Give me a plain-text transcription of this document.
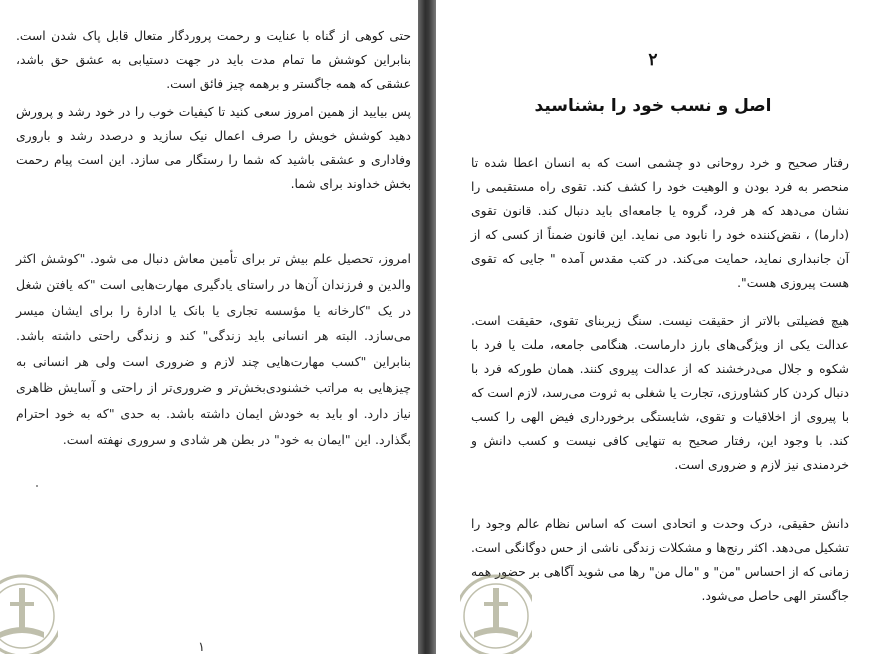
حتی کوهی از گناه با عنایت و رحمت پروردگار متعال قابل پاک شدن است. بنابراین کوشش ما تمام مدت باید در جهت دستیابی به عشق حق باشد، عشقی که همه جاگستر و برهمه چیز فائق است.
پس بیایید از همین امروز سعی کنید تا کیفیات خوب را در خود رشد و پرورش دهید کوشش خویش را صرف اعمال نیک سازید و درصدد رشد و باروری وفاداری و عشقی باشید که شما را رستگار می سازد. این است پیام رحمت بخش خداوند برای شما.
امروز، تحصیل علم بیش تر برای تأمین معاش دنبال می شود. "کوشش اکثر والدین و فرزندان آن‌ها در راستای یادگیری مهارت‌هایی است "که یافتن شغل در یک "کارخانه یا مؤسسه تجاری یا بانک یا ادارهٔ را برای ایشان میسر می‌سازد. البته هر انسانی باید زندگی" کند و زندگی راحتی داشته باشد. بنابراین "کسب مهارت‌هایی چند لازم و ضروری است ولی هر انسانی به چیزهایی به مراتب خشنودی‌بخش‌تر و ضروری‌تر از راحتی و آسایش ظاهری نیاز دارد. او باید به خودش ایمان داشته باشد. به حدی "که به خود احترام بگذارد. این "ایمان به خود" در بطن هر شادی و سروری نهفته است.
۱
۲
اصل و نسب خود را بشناسید
رفتار صحیح و خرد روحانی دو چشمی است که به انسان اعطا شده تا منحصر به فرد بودن و الوهیت خود را کشف کند. تقوی راه مستقیمی را نشان می‌دهد که هر فرد، گروه یا جامعه‌ای باید دنبال کند. قانون تقوی (دارما) ، نقض‌کننده خود را نابود می نماید. این قانون ضمناً از کسی که از آن جانبداری نماید، حمایت می‌کند. در کتب مقدس آمده " جایی که تقوی هست پیروزی هست".
هیچ فضیلتی بالاتر از حقیقت نیست. سنگ زیربنای تقوی، حقیقت است. عدالت یکی از ویژگی‌های بارز دارماست. هنگامی جامعه، ملت یا فرد با شکوه و جلال می‌درخشند که از عدالت پیروی کنند. همان طورکه فرد با دنبال کردن کار کشاورزی، تجارت یا شغلی به ثروت می‌رسد، لازم است که با پیروی از اخلاقیات و تقوی، شایستگی برخورداری فیض الهی را کسب کند. با وجود این، رفتار صحیح به تنهایی کافی نیست و کسب دانش و خردمندی نیز لازم و ضروری است.
دانش حقیقی، درک وحدت و اتحادی است که اساس نظام عالم وجود را تشکیل می‌دهد. اکثر رنج‌ها و مشکلات زندگی ناشی از حس دوگانگی است. زمانی که از احساس "من" و "مال من" رها می شوید آگاهی بر حضور همه جاگستر الهی حاصل می‌شود.
